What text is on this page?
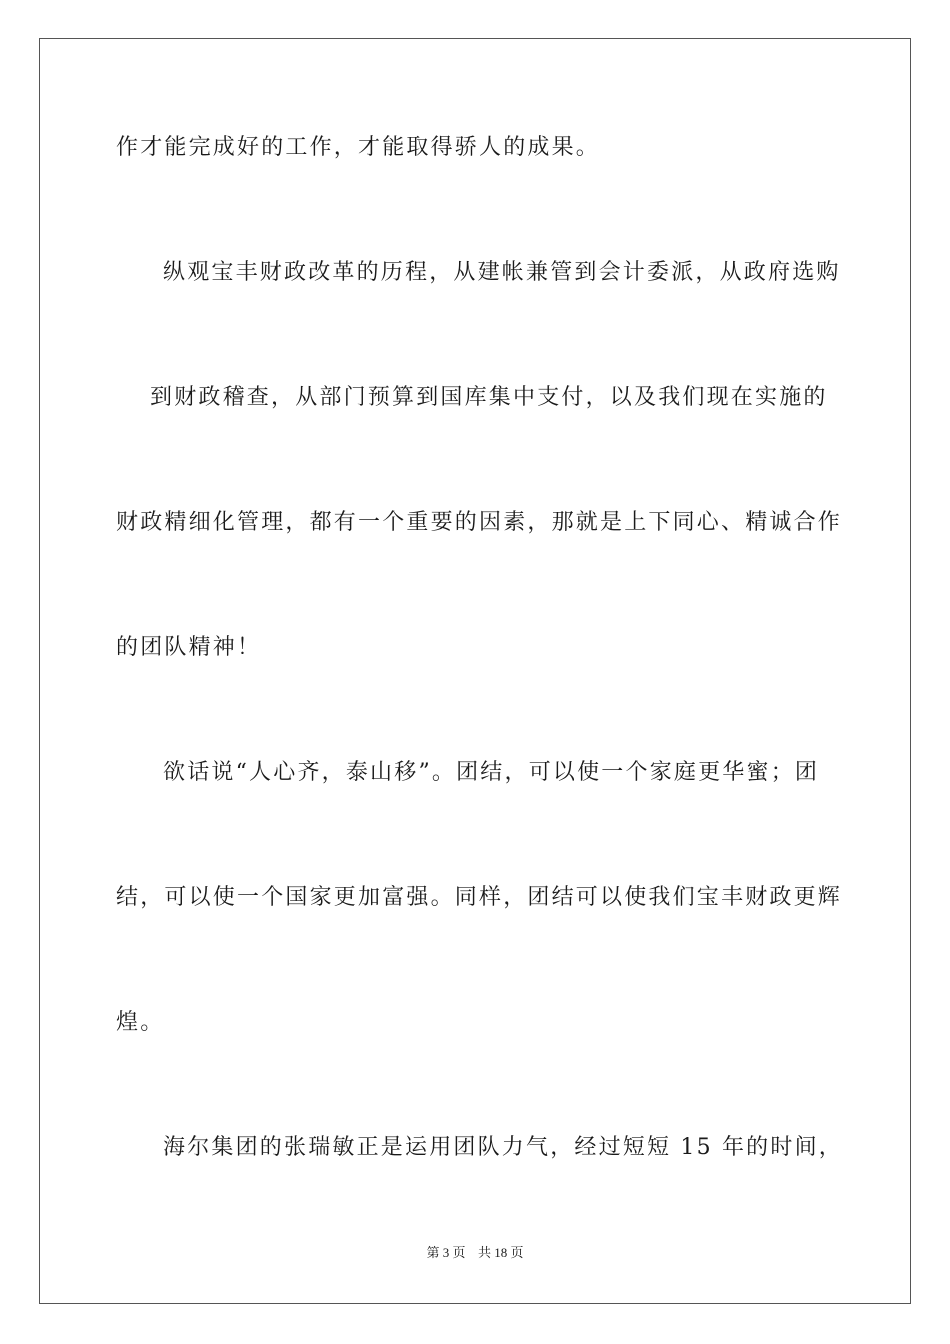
作才能完成好的工作，才能取得骄人的成果。
纵观宝丰财政改革的历程，从建帐兼管到会计委派，从政府选购
到财政稽查，从部门预算到国库集中支付，以及我们现在实施的
财政精细化管理，都有一个重要的因素，那就是上下同心、精诚合作
的团队精神！
欲话说“人心齐，泰山移”。团结，可以使一个家庭更华蜜；团
结，可以使一个国家更加富强。同样，团结可以使我们宝丰财政更辉
煌。
海尔集团的张瑞敏正是运用团队力气，经过短短 15 年的时间，
第 3 页 共 18 页
